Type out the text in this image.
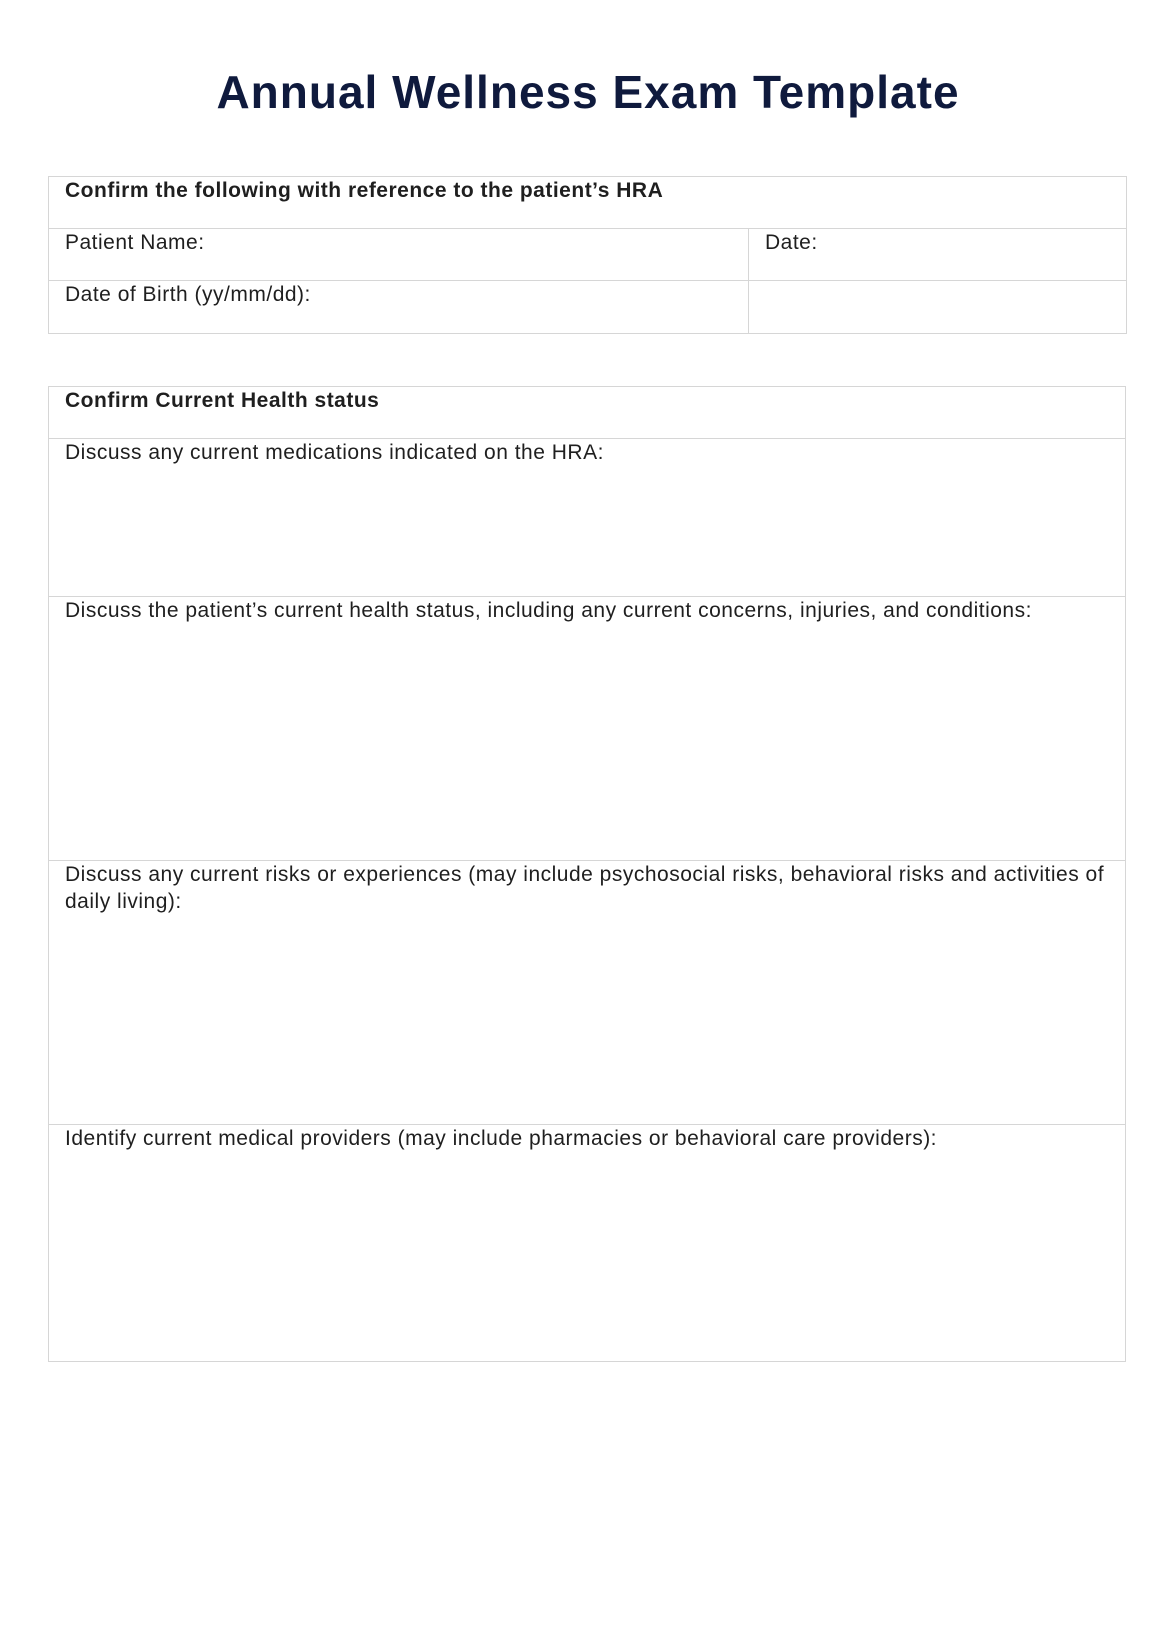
Annual Wellness Exam Template
Confirm the following with reference to the patient’s HRA	
Patient Name:	Date:
Date of Birth (yy/mm/dd):	
Confirm Current Health status
Discuss any current medications indicated on the HRA:
Discuss the patient’s current health status, including any current concerns, injuries, and conditions:
Discuss any current risks or experiences (may include psychosocial risks, behavioral risks and activities of daily living):
Identify current medical providers (may include pharmacies or behavioral care providers):
